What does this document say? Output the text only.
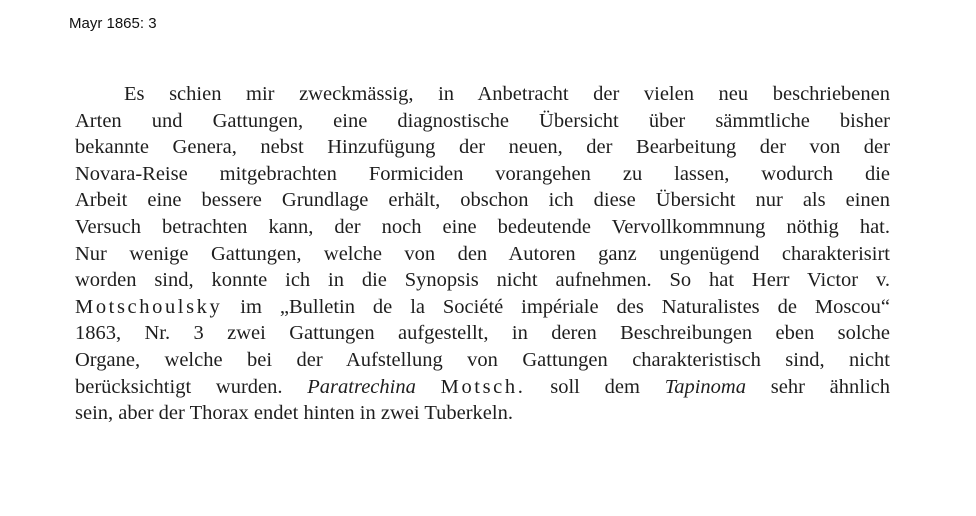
Mayr 1865: 3
Es schien mir zweckmässig, in Anbetracht der vielen neu beschriebenen
Arten und Gattungen, eine diagnostische Übersicht über sämmtliche bisher
bekannte Genera, nebst Hinzufügung der neuen, der Bearbeitung der von der
Novara-Reise mitgebrachten Formiciden vorangehen zu lassen, wodurch die
Arbeit eine bessere Grundlage erhält, obschon ich diese Übersicht nur als einen
Versuch betrachten kann, der noch eine bedeutende Vervollkommnung nöthig hat.
Nur wenige Gattungen, welche von den Autoren ganz ungenügend charakterisirt
worden sind, konnte ich in die Synopsis nicht aufnehmen. So hat Herr Victor v.
Motschoulsky im „Bulletin de la Société impériale des Naturalistes de Moscou“
1863, Nr. 3 zwei Gattungen aufgestellt, in deren Beschreibungen eben solche
Organe, welche bei der Aufstellung von Gattungen charakteristisch sind, nicht
berücksichtigt wurden. Paratrechina Motsch. soll dem Tapinoma sehr ähnlich
sein, aber der Thorax endet hinten in zwei Tuberkeln.
